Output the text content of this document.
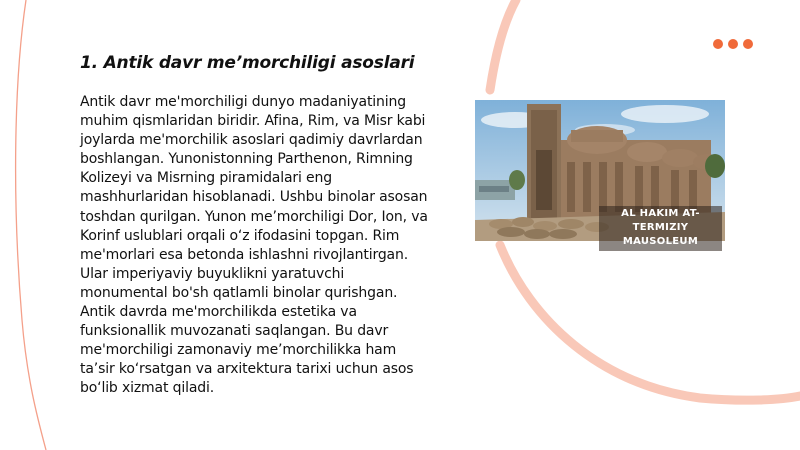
1. Antik davr me’morchiligi asoslari

Antik davr me'morchiligi dunyo madaniyatining muhim qismlaridan biridir. Afina, Rim, va Misr kabi joylarda me'morchilik asoslari qadimiy davrlardan boshlangan. Yunonistonning Parthenon, Rimning Kolizeyi va Misrning piramidalari eng mashhurlaridan hisoblanadi. Ushbu binolar asosan toshdan qurilgan. Yunon me’morchiligi Dor, Ion, va Korinf uslublari orqali o‘z ifodasini topgan. Rim me'morlari esa betonda ishlashni rivojlantirgan. Ular imperiyaviy buyuklikni yaratuvchi monumental bo'sh qatlamli binolar qurishgan. Antik davrda me'morchilikda estetika va funksionallik muvozanati saqlangan. Bu davr me'morchiligi zamonaviy me’morchilikka ham ta’sir ko‘rsatgan va arxitektura tarixi uchun asos bo‘lib xizmat qiladi.

AL HAKIM AT-TERMIZIY MAUSOLEUM
